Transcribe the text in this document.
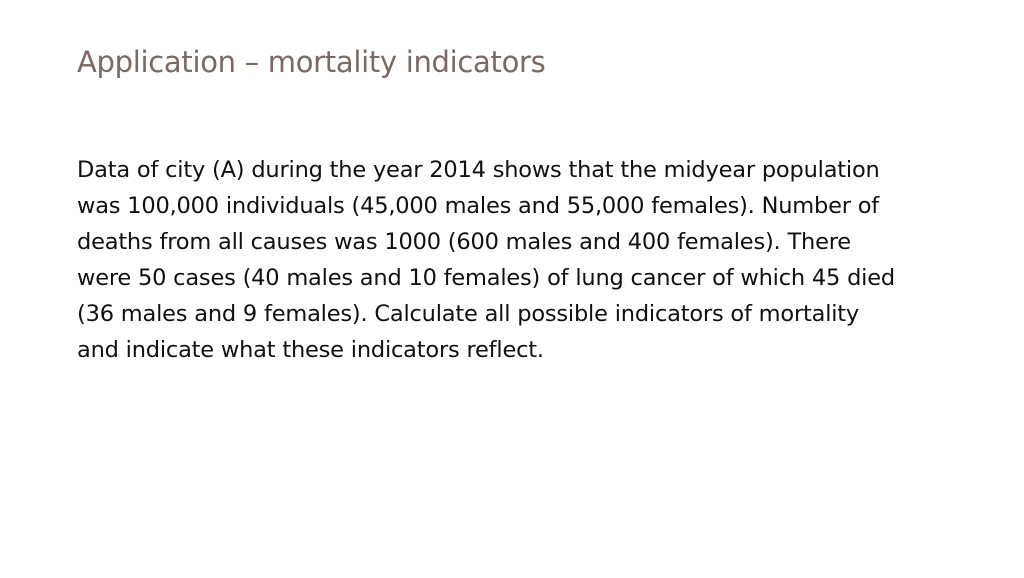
Application – mortality indicators

Data of city (A) during the year 2014 shows that the midyear population
was 100,000 individuals (45,000 males and 55,000 females). Number of
deaths from all causes was 1000 (600 males and 400 females). There
were 50 cases (40 males and 10 females) of lung cancer of which 45 died
(36 males and 9 females). Calculate all possible indicators of mortality
and indicate what these indicators reflect.
